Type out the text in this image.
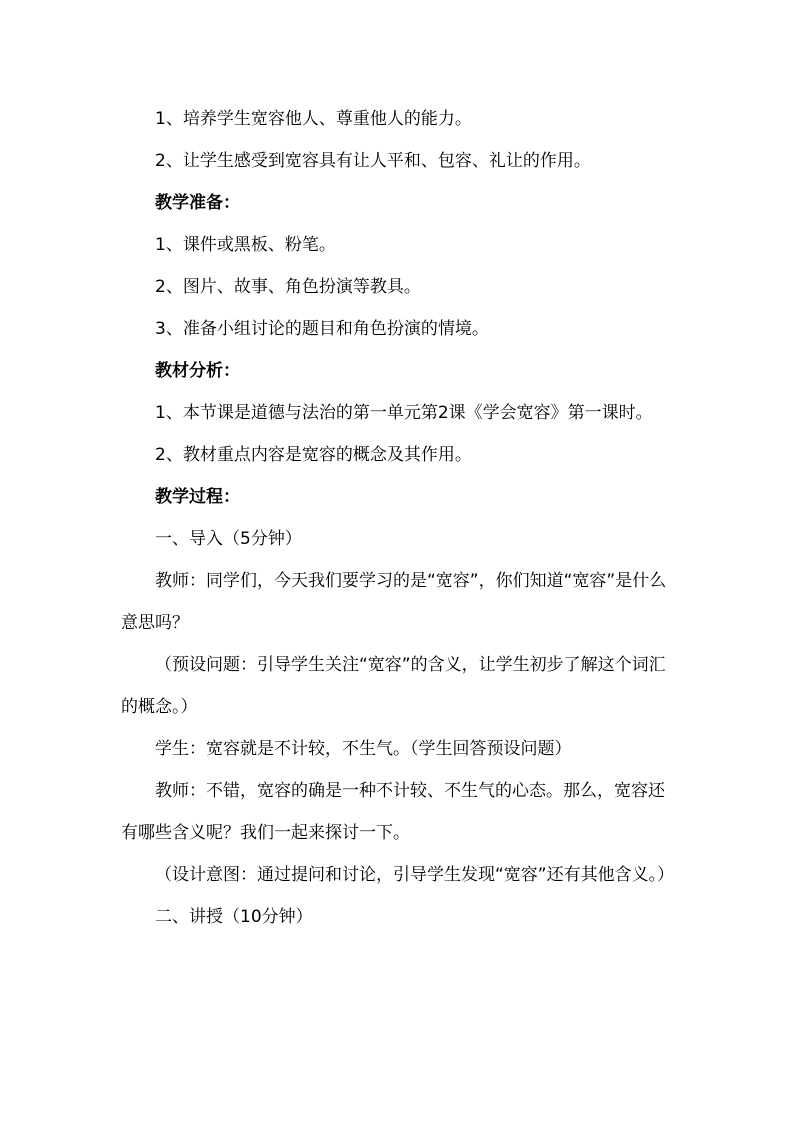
1、培养学生宽容他人、尊重他人的能力。

2、让学生感受到宽容具有让人平和、包容、礼让的作用。

教学准备：

1、课件或黑板、粉笔。

2、图片、故事、角色扮演等教具。

3、准备小组讨论的题目和角色扮演的情境。

教材分析：

1、本节课是道德与法治的第一单元第2课《学会宽容》第一课时。

2、教材重点内容是宽容的概念及其作用。

教学过程：

一、导入（5分钟）

教师：同学们，今天我们要学习的是“宽容”，你们知道“宽容”是什么意思吗？

（预设问题：引导学生关注“宽容”的含义，让学生初步了解这个词汇的概念。）

学生：宽容就是不计较，不生气。（学生回答预设问题）

教师：不错，宽容的确是一种不计较、不生气的心态。那么，宽容还有哪些含义呢？我们一起来探讨一下。

（设计意图：通过提问和讨论，引导学生发现“宽容”还有其他含义。）

二、讲授（10分钟）
